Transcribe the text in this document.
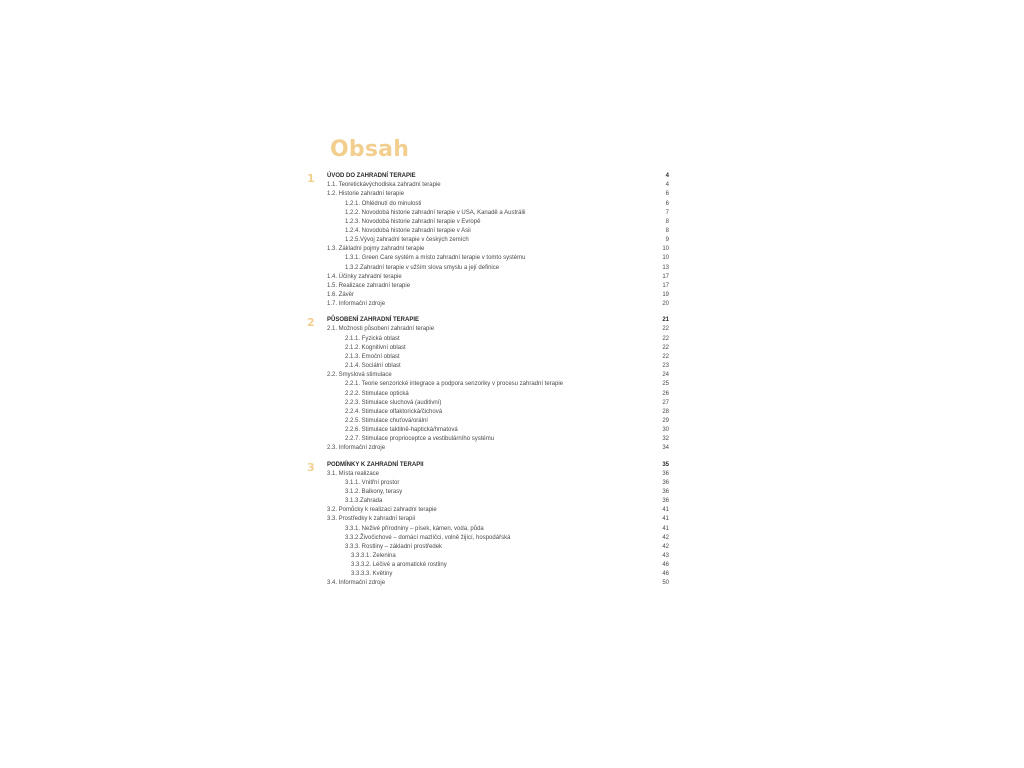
Obsah
1 ÚVOD DO ZAHRADNÍ TERAPIE	4
1.1. Teoretickávýchodiska zahradní terapie	4
1.2. Historie zahradní terapie	6
1.2.1. Ohlédnutí do minulosti	6
1.2.2. Novodobá historie zahradní terapie v USA, Kanadě a Austrálii	7
1.2.3. Novodobá historie zahradní terapie v Evropě	8
1.2.4. Novodobá historie zahradní terapie v Asii	8
1.2.5.Vývoj zahradní terapie v českých zemích	9
1.3. Základní pojmy zahradní terapie	10
1.3.1. Green Care systém a místo zahradní terapie v tomto systému	10
1.3.2.Zahradní terapie v užším slova smyslu a její definice	13
1.4. Účinky zahradní terapie	17
1.5. Realizace zahradní terapie	17
1.6. Závěr	19
1.7. Informační zdroje	20
2 PŮSOBENÍ ZAHRADNÍ TERAPIE	21
2.1. Možnosti působení zahradní terapie	22
2.1.1. Fyzická oblast	22
2.1.2. Kognitivní oblast	22
2.1.3. Emoční oblast	22
2.1.4. Sociální oblast	23
2.2. Smyslová stimulace	24
2.2.1. Teorie senzorické integrace a podpora senzoriky v procesu zahradní terapie	25
2.2.2. Stimulace optická	26
2.2.3. Stimulace sluchová (auditivní)	27
2.2.4. Stimulace olfaktorická/čichová	28
2.2.5. Stimulace chuťová/orální	29
2.2.6. Stimulace taktilně-haptická/hmatová	30
2.2.7. Stimulace proprioceptce a vestibulárního systému	32
2.3. Informační zdroje	34
3 PODMÍNKY K ZAHRADNÍ TERAPII	35
3.1. Místa realizace	36
3.1.1. Vnitřní prostor	36
3.1.2. Balkony, terasy	36
3.1.3.Zahrada	36
3.2. Pomůcky k realizaci zahradní terapie	41
3.3. Prostředky k zahradní terapii	41
3.3.1. Neživé přírodniny – písek, kámen, voda, půda	41
3.3.2.Živočichové – domácí mazlíčci, volně žijící, hospodářská	42
3.3.3. Rostliny – základní prostředek	42
3.3.3.1. Zelenina	43
3.3.3.2. Léčivé a aromatické rostliny	46
3.3.3.3. Květiny	46
3.4. Informační zdroje	50
